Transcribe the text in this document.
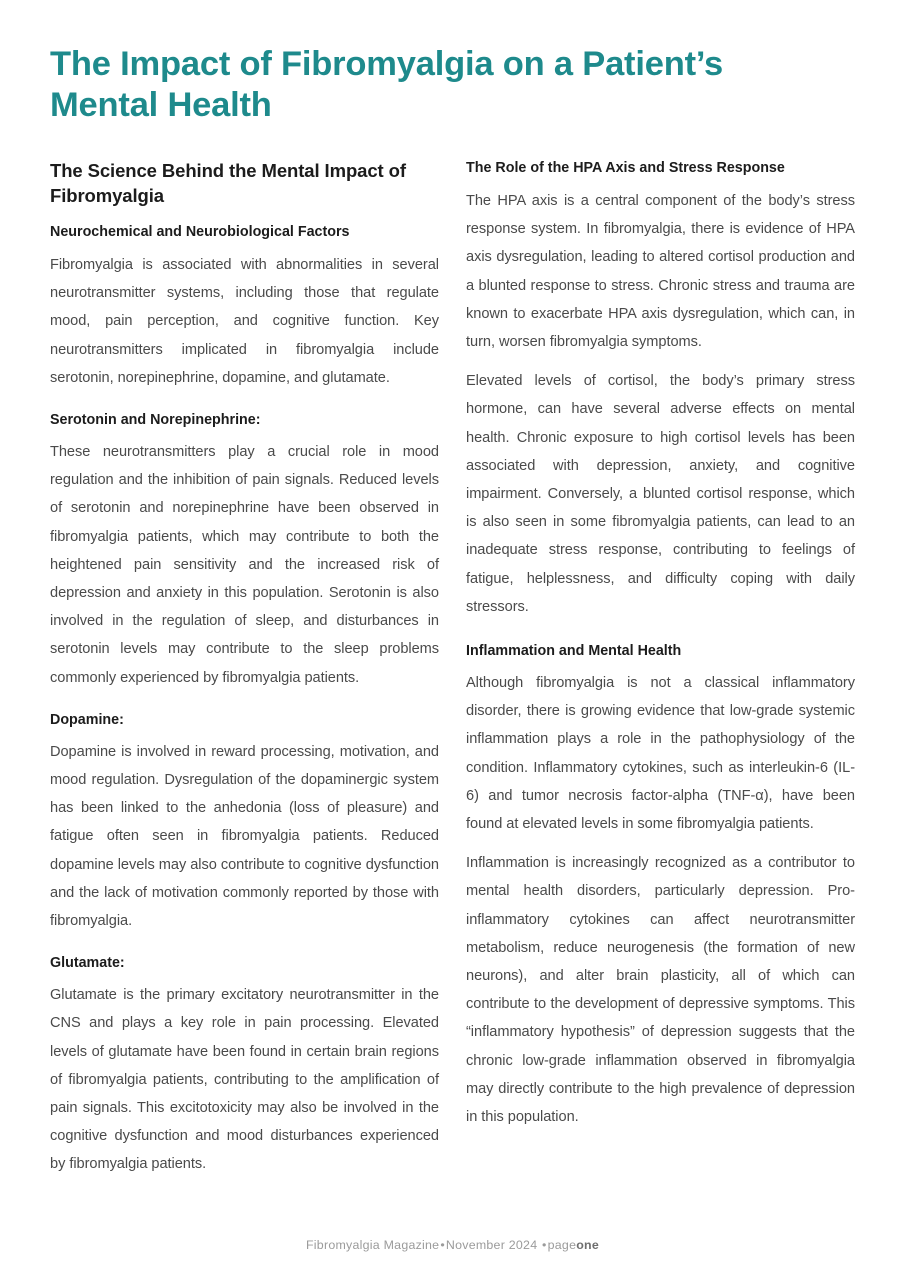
The Impact of Fibromyalgia on a Patient’s Mental Health
The Science Behind the Mental Impact of Fibromyalgia
Neurochemical and Neurobiological Factors

Fibromyalgia is associated with abnormalities in several neurotransmitter systems, including those that regulate mood, pain perception, and cognitive function. Key neurotransmitters implicated in fibromyalgia include serotonin, norepinephrine, dopamine, and glutamate.

Serotonin and Norepinephrine:

These neurotransmitters play a crucial role in mood regulation and the inhibition of pain signals. Reduced levels of serotonin and norepinephrine have been observed in fibromyalgia patients, which may contribute to both the heightened pain sensitivity and the increased risk of depression and anxiety in this population. Serotonin is also involved in the regulation of sleep, and disturbances in serotonin levels may contribute to the sleep problems commonly experienced by fibromyalgia patients.

Dopamine:

Dopamine is involved in reward processing, motivation, and mood regulation. Dysregulation of the dopaminergic system has been linked to the anhedonia (loss of pleasure) and fatigue often seen in fibromyalgia patients. Reduced dopamine levels may also contribute to cognitive dysfunction and the lack of motivation commonly reported by those with fibromyalgia.

Glutamate:

Glutamate is the primary excitatory neurotransmitter in the CNS and plays a key role in pain processing. Elevated levels of glutamate have been found in certain brain regions of fibromyalgia patients, contributing to the amplification of pain signals. This excitotoxicity may also be involved in the cognitive dysfunction and mood disturbances experienced by fibromyalgia patients.

The Role of the HPA Axis and Stress Response

The HPA axis is a central component of the body’s stress response system. In fibromyalgia, there is evidence of HPA axis dysregulation, leading to altered cortisol production and a blunted response to stress. Chronic stress and trauma are known to exacerbate HPA axis dysregulation, which can, in turn, worsen fibromyalgia symptoms.

Elevated levels of cortisol, the body’s primary stress hormone, can have several adverse effects on mental health. Chronic exposure to high cortisol levels has been associated with depression, anxiety, and cognitive impairment. Conversely, a blunted cortisol response, which is also seen in some fibromyalgia patients, can lead to an inadequate stress response, contributing to feelings of fatigue, helplessness, and difficulty coping with daily stressors.

Inflammation and Mental Health

Although fibromyalgia is not a classical inflammatory disorder, there is growing evidence that low-grade systemic inflammation plays a role in the pathophysiology of the condition. Inflammatory cytokines, such as interleukin-6 (IL-6) and tumor necrosis factor-alpha (TNF-α), have been found at elevated levels in some fibromyalgia patients.

Inflammation is increasingly recognized as a contributor to mental health disorders, particularly depression. Pro-inflammatory cytokines can affect neurotransmitter metabolism, reduce neurogenesis (the formation of new neurons), and alter brain plasticity, all of which can contribute to the development of depressive symptoms. This “inflammatory hypothesis” of depression suggests that the chronic low-grade inflammation observed in fibromyalgia may directly contribute to the high prevalence of depression in this population.

Fibromyalgia Magazine•November 2024 •pageone
